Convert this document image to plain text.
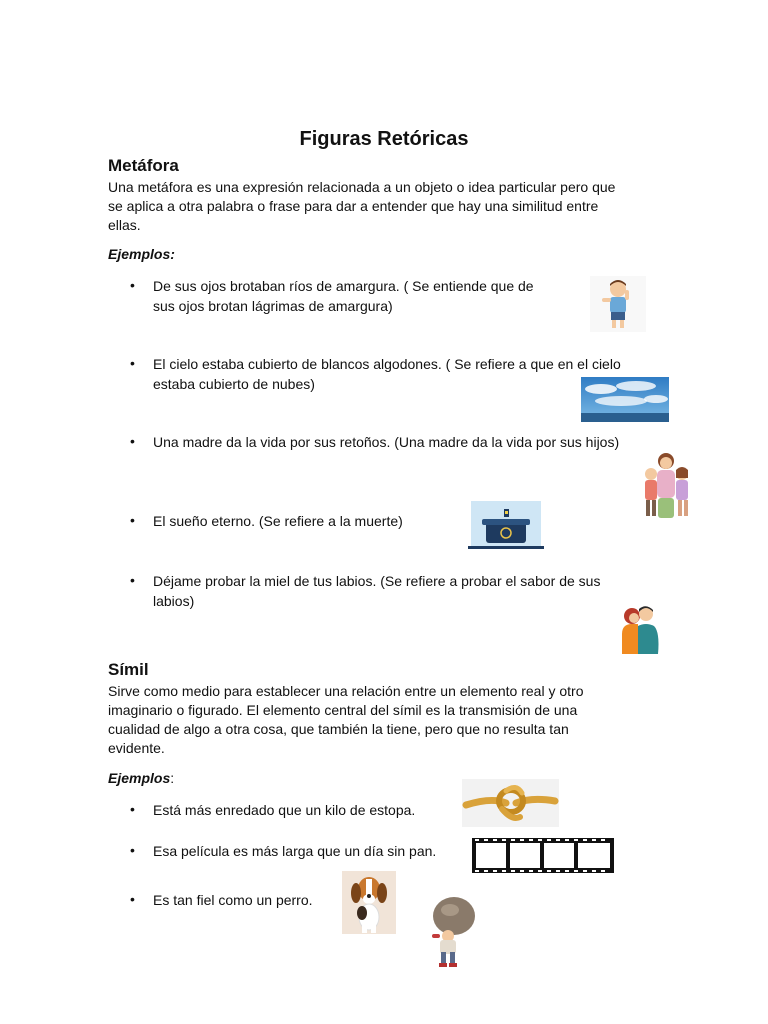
Figuras Retóricas
Metáfora
Una metáfora es una expresión relacionada a un objeto o idea particular pero que
se aplica a otra palabra o frase para dar a entender que hay una similitud entre
ellas.
Ejemplos:
• De sus ojos brotaban ríos de amargura. ( Se entiende que de
sus ojos brotan lágrimas de amargura)
• El cielo estaba cubierto de blancos algodones. ( Se refiere a que en el cielo
estaba cubierto de nubes)
• Una madre da la vida por sus retoños. (Una madre da la vida por sus hijos)
• El sueño eterno. (Se refiere a la muerte)
• Déjame probar la miel de tus labios. (Se refiere a probar el sabor de sus
labios)
Símil
Sirve como medio para establecer una relación entre un elemento real y otro
imaginario o figurado. El elemento central del símil es la transmisión de una
cualidad de algo a otra cosa, que también la tiene, pero que no resulta tan
evidente.
Ejemplos:
• Está más enredado que un kilo de estopa.
• Esa película es más larga que un día sin pan.
• Es tan fiel como un perro.
